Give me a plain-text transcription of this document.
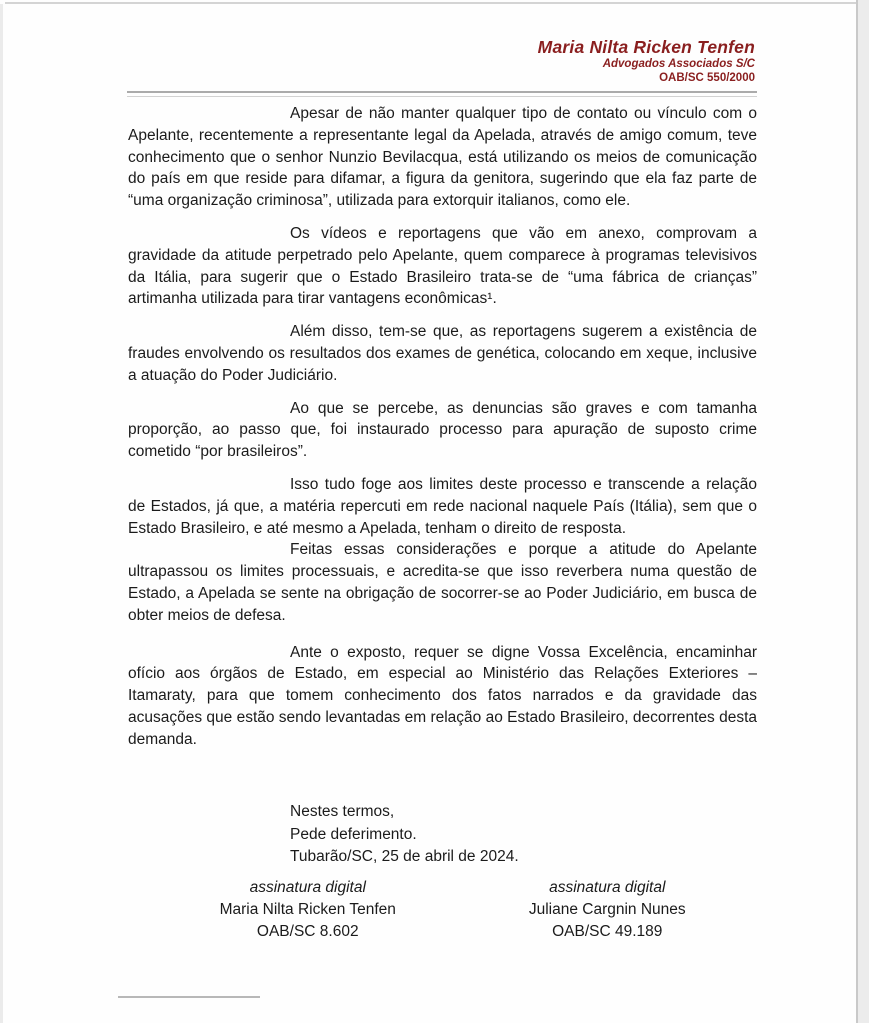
Maria Nilta Ricken Tenfen
Advogados Associados S/C
OAB/SC 550/2000

Apesar de não manter qualquer tipo de contato ou vínculo com o Apelante, recentemente a representante legal da Apelada, através de amigo comum, teve conhecimento que o senhor Nunzio Bevilacqua, está utilizando os meios de comunicação do país em que reside para difamar, a figura da genitora, sugerindo que ela faz parte de “uma organização criminosa”, utilizada para extorquir italianos, como ele.

Os vídeos e reportagens que vão em anexo, comprovam a gravidade da atitude perpetrado pelo Apelante, quem comparece à programas televisivos da Itália, para sugerir que o Estado Brasileiro trata-se de “uma fábrica de crianças” artimanha utilizada para tirar vantagens econômicas¹.

Além disso, tem-se que, as reportagens sugerem a existência de fraudes envolvendo os resultados dos exames de genética, colocando em xeque, inclusive a atuação do Poder Judiciário.

Ao que se percebe, as denuncias são graves e com tamanha proporção, ao passo que, foi instaurado processo para apuração de suposto crime cometido “por brasileiros”.

Isso tudo foge aos limites deste processo e transcende a relação de Estados, já que, a matéria repercuti em rede nacional naquele País (Itália), sem que o Estado Brasileiro, e até mesmo a Apelada, tenham o direito de resposta.

Feitas essas considerações e porque a atitude do Apelante ultrapassou os limites processuais, e acredita-se que isso reverbera numa questão de Estado, a Apelada se sente na obrigação de socorrer-se ao Poder Judiciário, em busca de obter meios de defesa.

Ante o exposto, requer se digne Vossa Excelência, encaminhar ofício aos órgãos de Estado, em especial ao Ministério das Relações Exteriores – Itamaraty, para que tomem conhecimento dos fatos narrados e da gravidade das acusações que estão sendo levantadas em relação ao Estado Brasileiro, decorrentes desta demanda.

Nestes termos,
Pede deferimento.
Tubarão/SC, 25 de abril de 2024.
assinatura digital
Maria Nilta Ricken Tenfen
OAB/SC 8.602
assinatura digital
Juliane Cargnin Nunes
OAB/SC 49.189
